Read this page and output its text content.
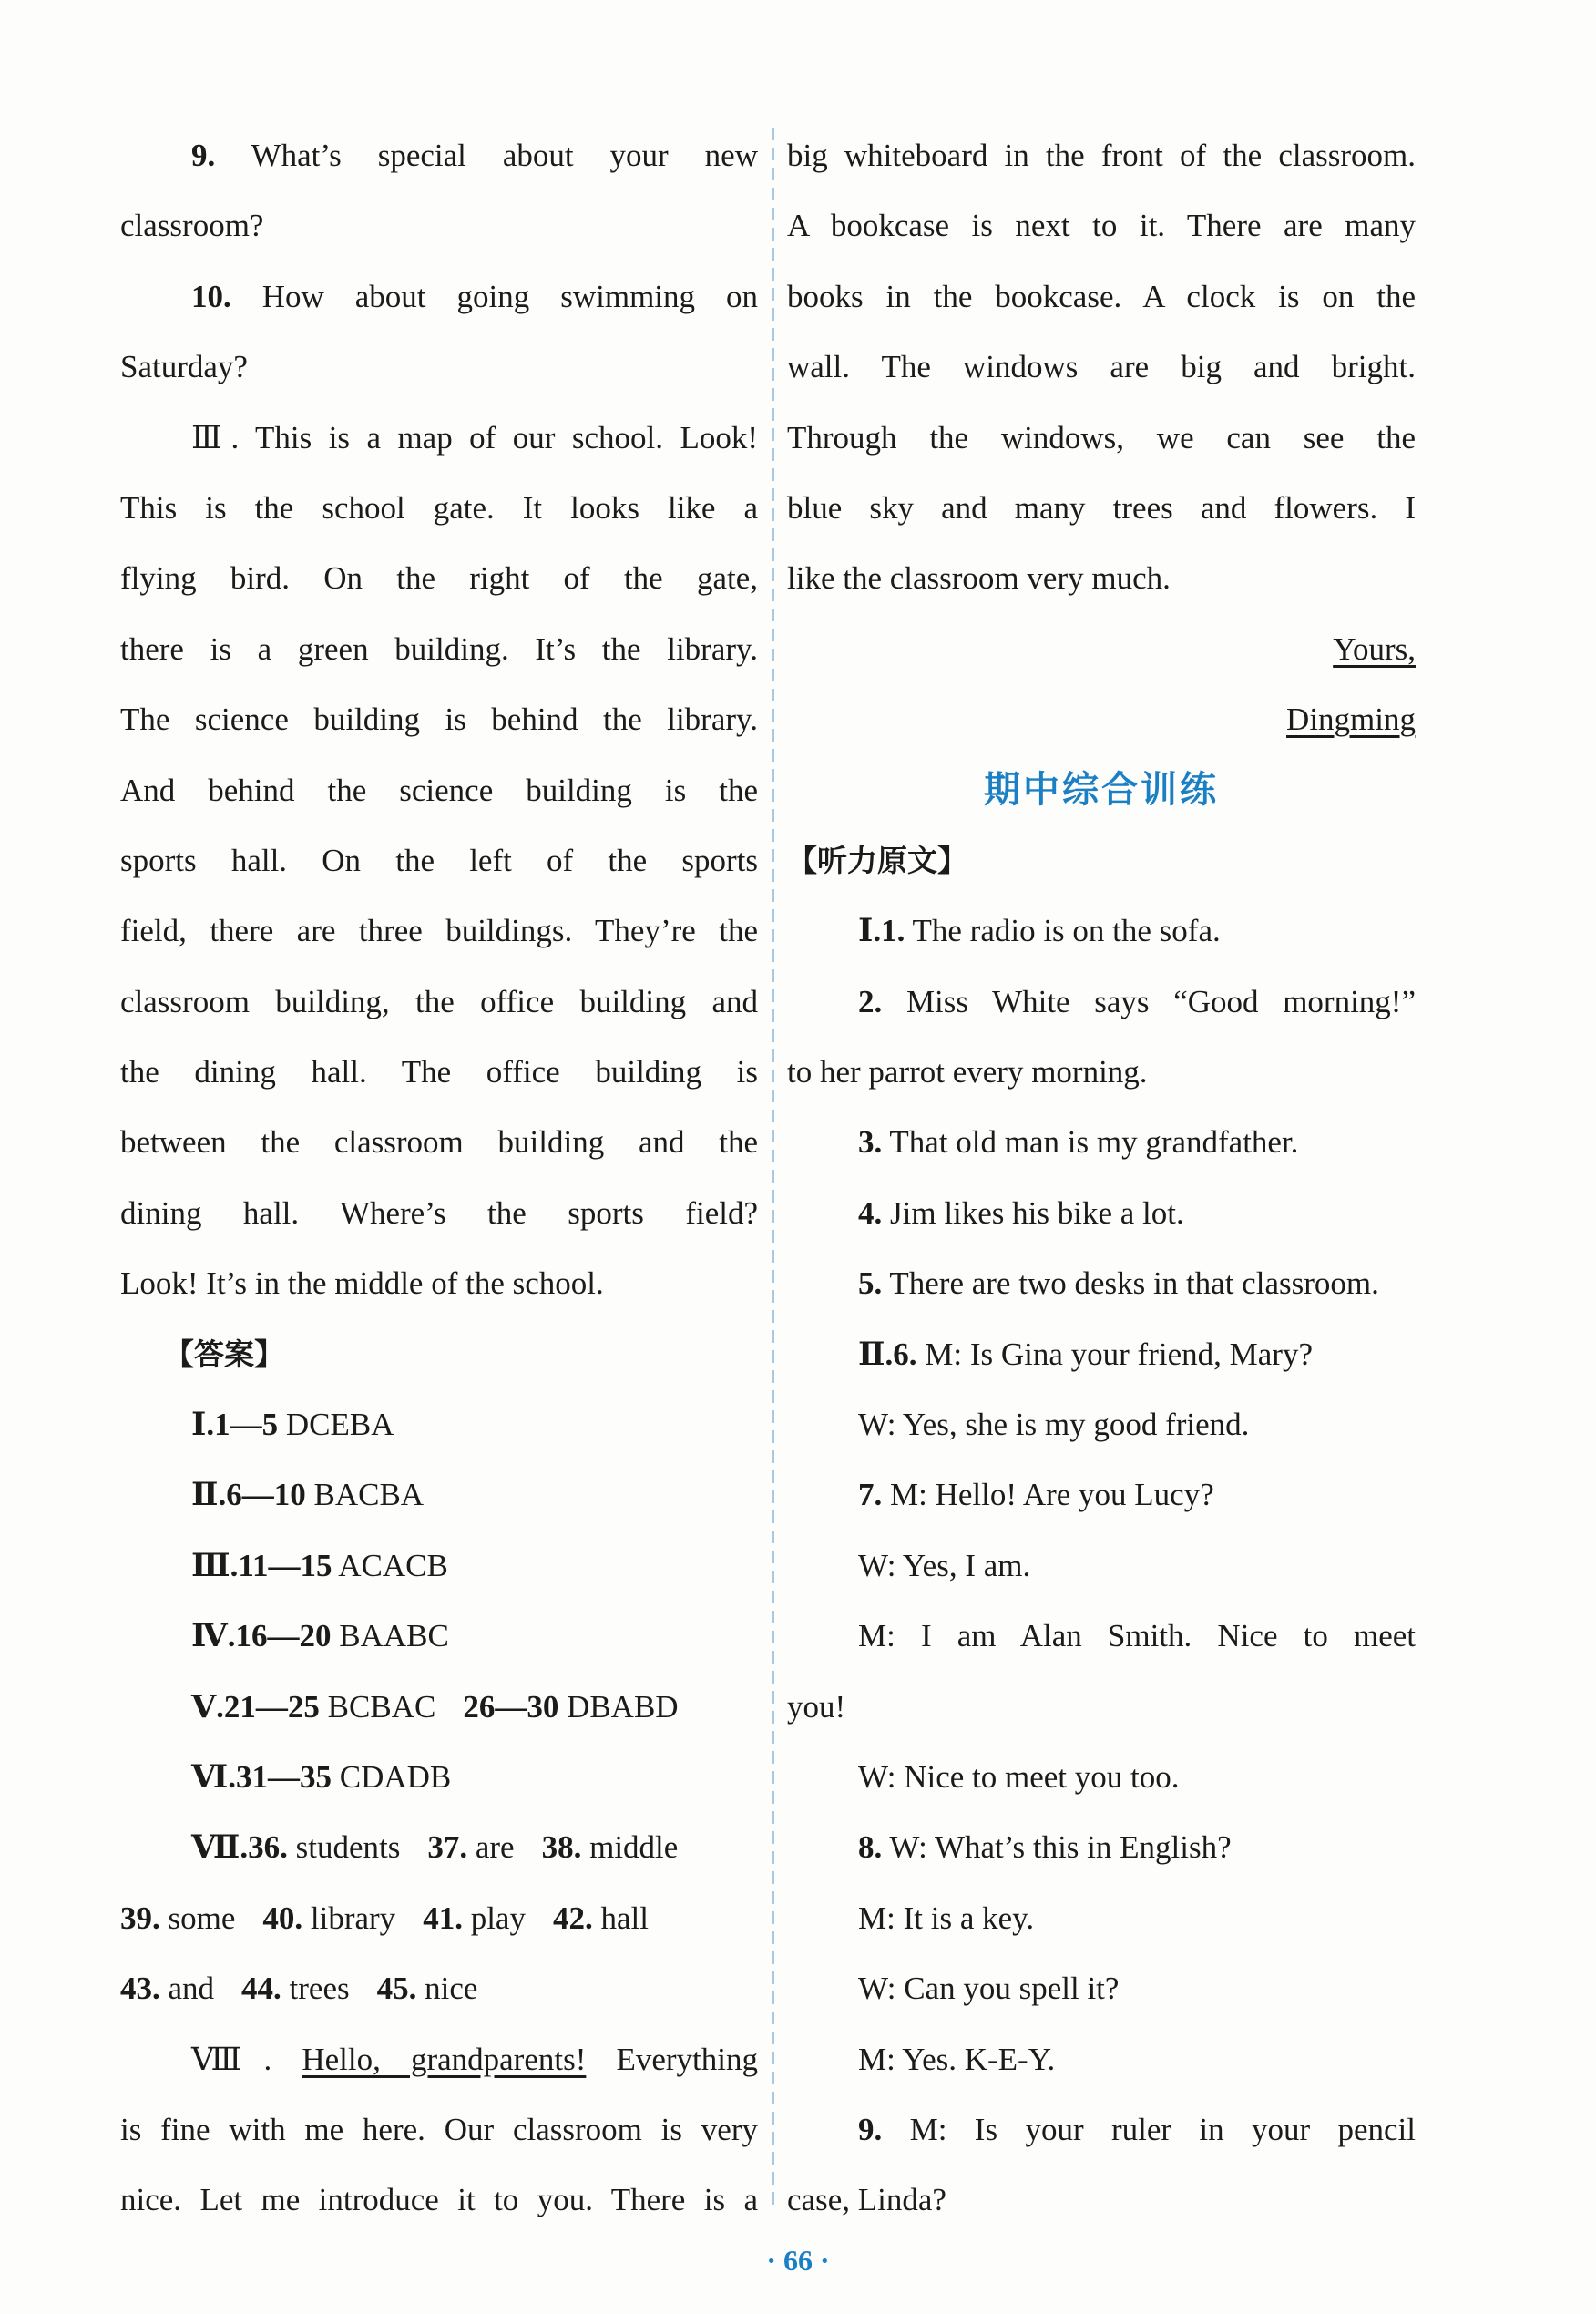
9. What’s special about your new
classroom?
10. How about going swimming on
Saturday?
Ⅲ. This is a map of our school. Look!
This is the school gate. It looks like a
flying bird. On the right of the gate,
there is a green building. It’s the library.
The science building is behind the library.
And behind the science building is the
sports hall. On the left of the sports
field, there are three buildings. They’re the
classroom building, the office building and
the dining hall. The office building is
between the classroom building and the
dining hall. Where’s the sports field?
Look! It’s in the middle of the school.
【答案】
Ⅰ.1—5 DCEBA
Ⅱ.6—10 BACBA
Ⅲ.11—15 ACACB
Ⅳ.16—20 BAABC
Ⅴ.21—25 BCBAC 26—30 DBABD
Ⅵ.31—35 CDADB
Ⅶ.36. students 37. are 38. middle
39. some 40. library 41. play 42. hall
43. and 44. trees 45. nice
Ⅷ. Hello, grandparents! Everything
is fine with me here. Our classroom is very
nice. Let me introduce it to you. There is a
big whiteboard in the front of the classroom.
A bookcase is next to it. There are many
books in the bookcase. A clock is on the
wall. The windows are big and bright.
Through the windows, we can see the
blue sky and many trees and flowers. I
like the classroom very much.
Yours,
Dingming
期中综合训练
【听力原文】
Ⅰ.1. The radio is on the sofa.
2. Miss White says “Good morning!”
to her parrot every morning.
3. That old man is my grandfather.
4. Jim likes his bike a lot.
5. There are two desks in that classroom.
Ⅱ.6. M: Is Gina your friend, Mary?
W: Yes, she is my good friend.
7. M: Hello! Are you Lucy?
W: Yes, I am.
M: I am Alan Smith. Nice to meet
you!
W: Nice to meet you too.
8. W: What’s this in English?
M: It is a key.
W: Can you spell it?
M: Yes. K-E-Y.
9. M: Is your ruler in your pencil
case, Linda?
· 66 ·
